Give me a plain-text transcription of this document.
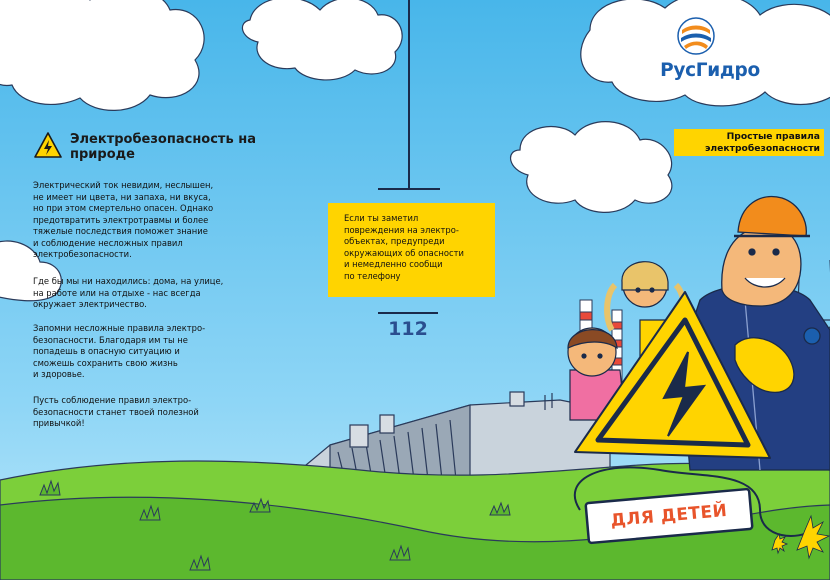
Электробезопасность на природе
Электрический ток невидим, неслышен,
не имеет ни цвета, ни запаха, ни вкуса,
но при этом смертельно опасен. Однако
предотвратить электротравмы и более
тяжелые последствия поможет знание
и соблюдение несложных правил
электробезопасности.
Где бы мы ни находились: дома, на улице,
на работе или на отдыхе - нас всегда
окружает электричество.
Запомни несложные правила электро-
безопасности. Благодаря им ты не
попадешь в опасную ситуацию и
сможешь сохранить свою жизнь
и здоровье.
Пусть соблюдение правил электро-
безопасности станет твоей полезной
привычкой!
Если ты заметил
повреждения на электро-
объектах, предупреди
окружающих об опасности
и немедленно сообщи
по телефону
112
РусГидро
Простые правила
электробезопасности
ДЛЯ ДЕТЕЙ
